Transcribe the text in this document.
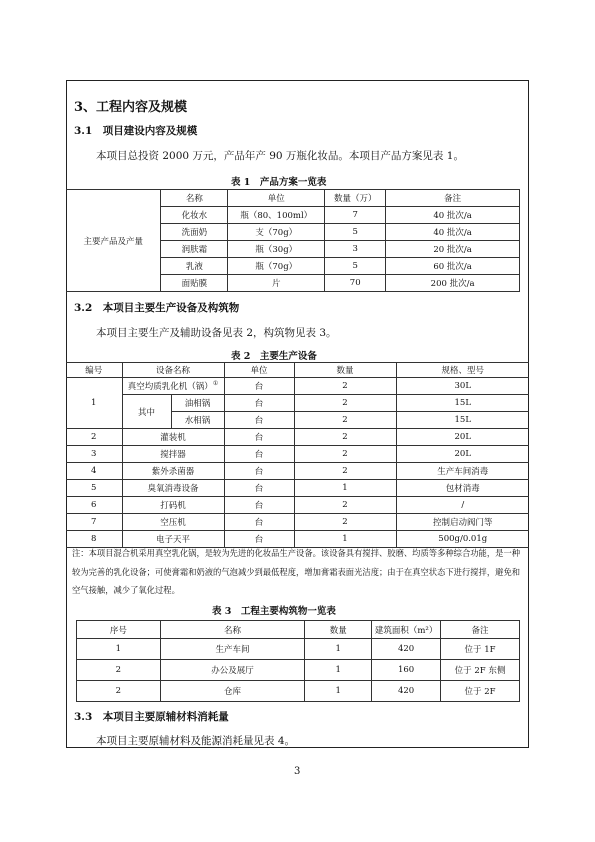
3、工程内容及规模
3.1　项目建设内容及规模
本项目总投资 2000 万元，产品年产 90 万瓶化妆品。本项目产品方案见表 1。
表 1　产品方案一览表
主要产品及产量	名称	单位	数量（万）	备注
	化妆水	瓶（80、100ml）	7	40 批次/a
	洗面奶	支（70g）	5	40 批次/a
	润肤霜	瓶（30g）	3	20 批次/a
	乳液	瓶（70g）	5	60 批次/a
	面贴膜	片	70	200 批次/a
3.2　本项目主要生产设备及构筑物
本项目主要生产及辅助设备见表 2，构筑物见表 3。
表 2　主要生产设备
编号	设备名称		单位	数量	规格、型号
1	真空均质乳化机（锅）①		台	2	30L
	其中	油相锅	台	2	15L
		水相锅	台	2	15L
2	灌装机		台	2	20L
3	搅拌器		台	2	20L
4	紫外杀菌器		台	2	生产车间消毒
5	臭氧消毒设备		台	1	包材消毒
6	打码机		台	2	/
7	空压机		台	2	控制启动阀门等
8	电子天平		台	1	500g/0.01g
注：本项目混合机采用真空乳化锅，是较为先进的化妆品生产设备。该设备具有搅拌、胶磨、均质等多种综合功能，是一种较为完善的乳化设备；可使膏霜和奶液的气泡减少到最低程度，增加膏霜表面光洁度；由于在真空状态下进行搅拌，避免和空气接触，减少了氧化过程。
表 3　工程主要构筑物一览表
序号	名称	数量	建筑面积（m²）	备注
1	生产车间	1	420	位于 1F
2	办公及展厅	1	160	位于 2F 东侧
2	仓库	1	420	位于 2F
3.3　本项目主要原辅材料消耗量
本项目主要原辅材料及能源消耗量见表 4。
3
